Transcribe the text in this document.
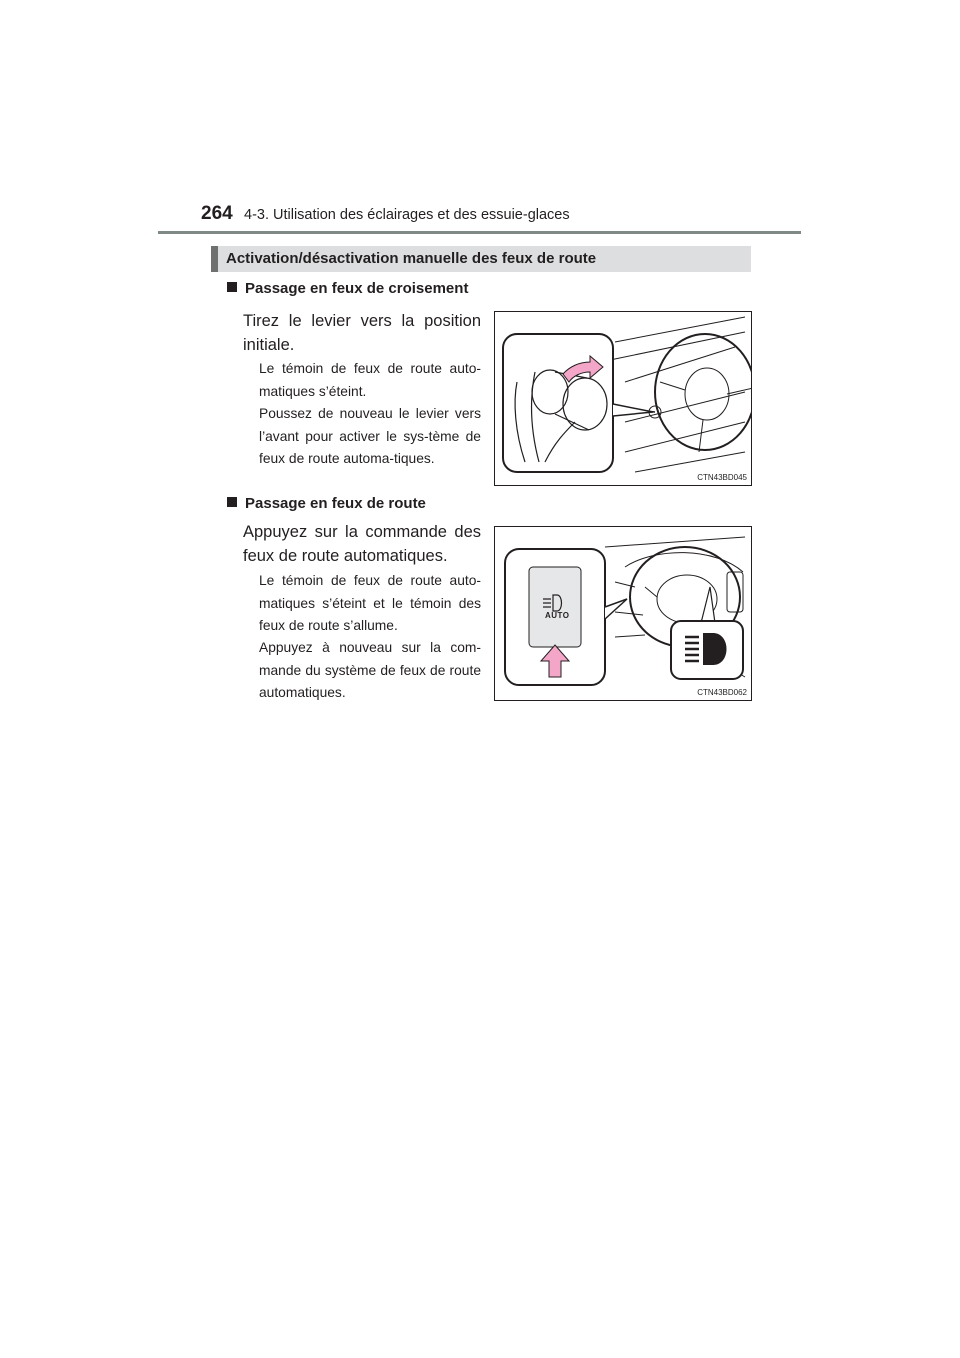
264 4-3. Utilisation des éclairages et des essuie-glaces
Activation/désactivation manuelle des feux de route
Passage en feux de croisement
Tirez le levier vers la position initiale.
Le témoin de feux de route auto-matiques s’éteint.
Poussez de nouveau le levier vers l’avant pour activer le sys-tème de feux de route automa-tiques.
CTN43BD045
Passage en feux de route
Appuyez sur la commande des feux de route automatiques.
Le témoin de feux de route auto-matiques s’éteint et le témoin des feux de route s’allume.
Appuyez à nouveau sur la com-mande du système de feux de route automatiques.
AUTO
CTN43BD062
